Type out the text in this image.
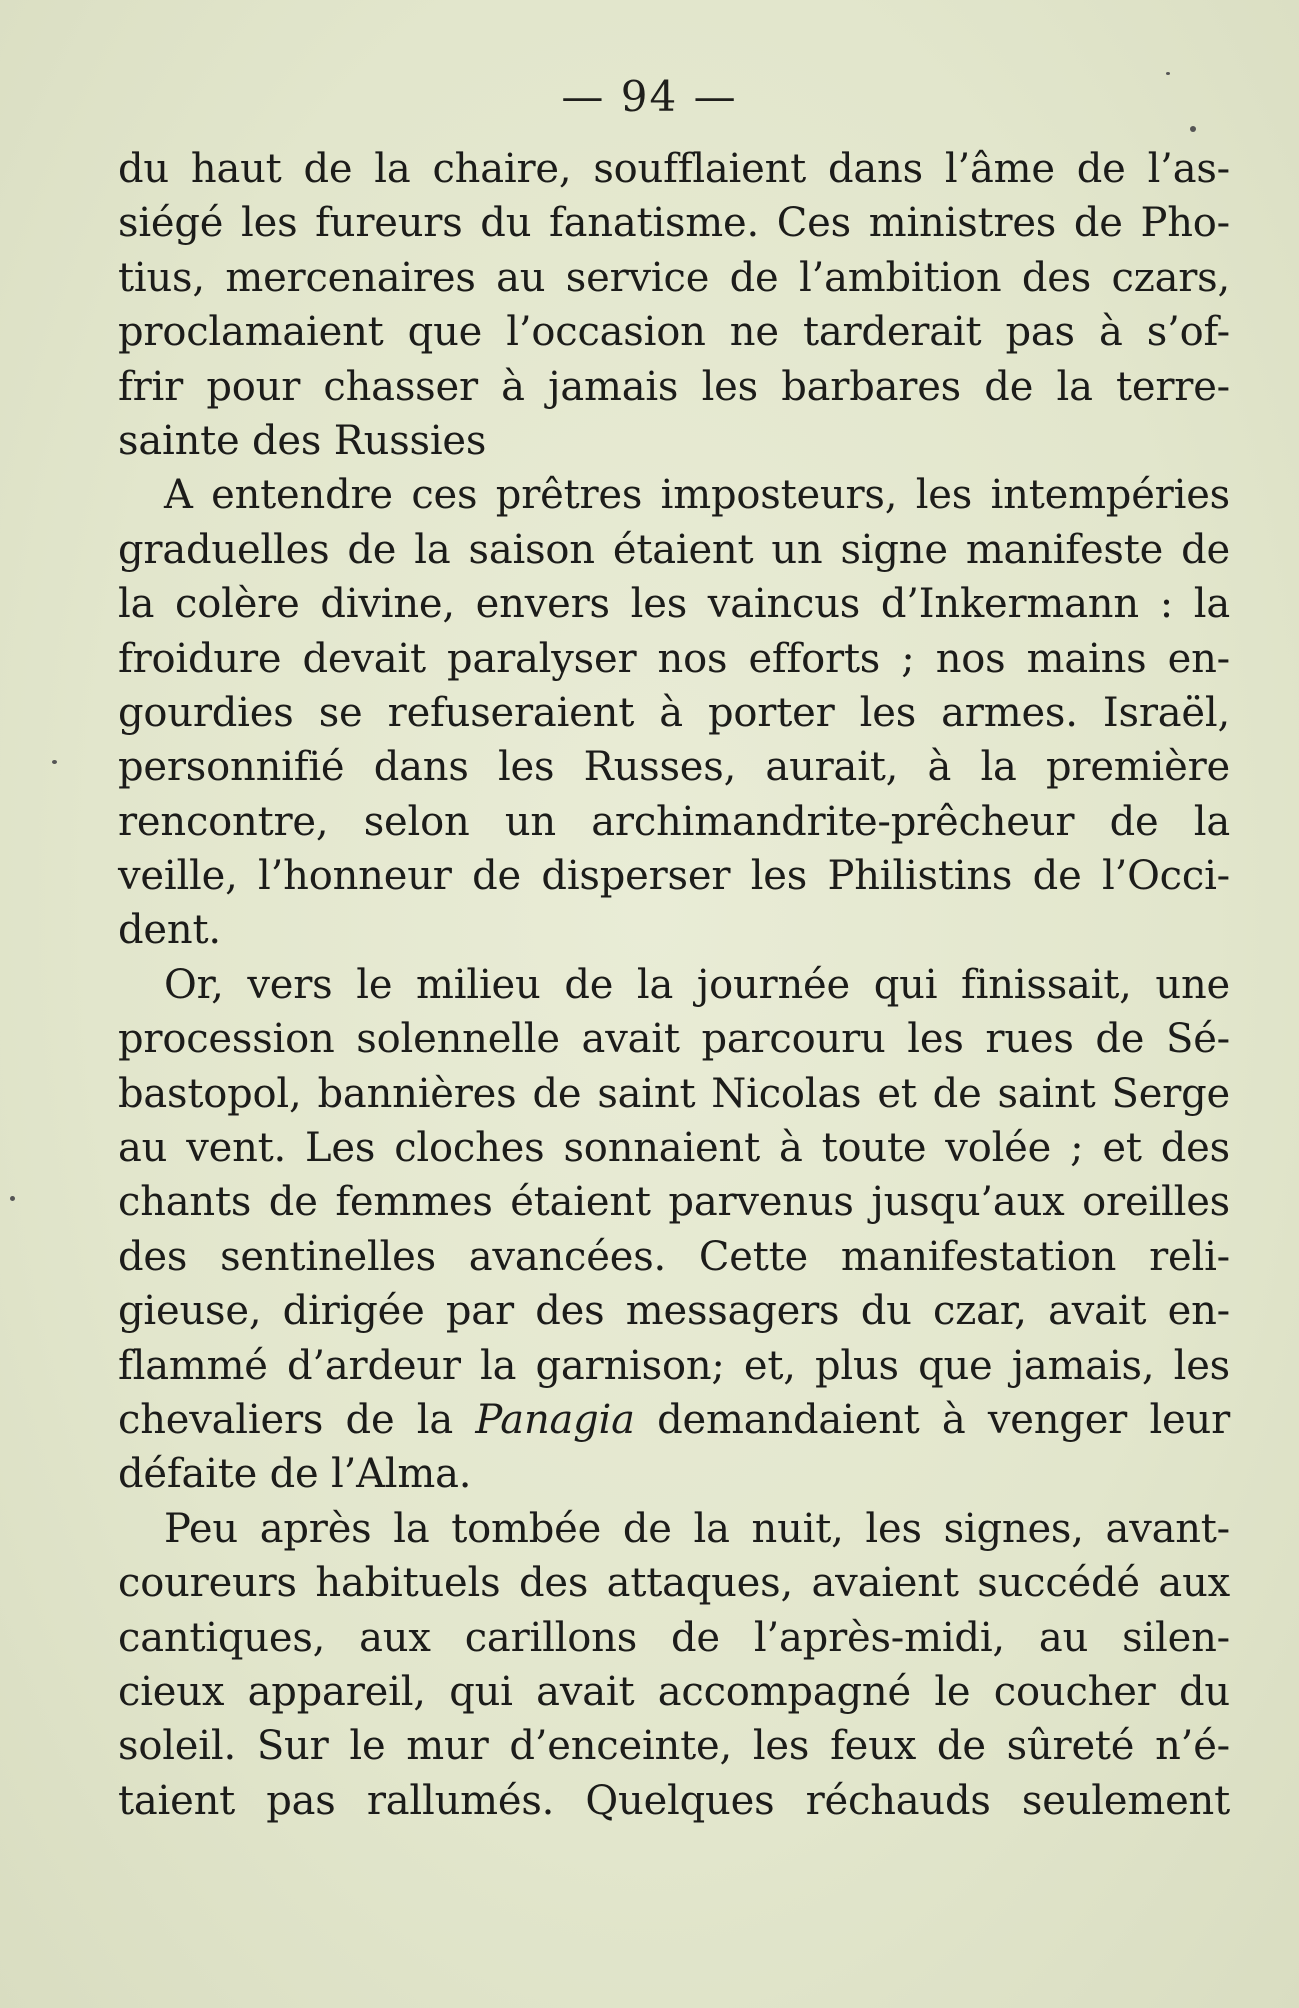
— 94 —
du haut de la chaire, soufflaient dans l’âme de l’as-
siégé les fureurs du fanatisme. Ces ministres de Pho-
tius, mercenaires au service de l’ambition des czars,
proclamaient que l’occasion ne tarderait pas à s’of-
frir pour chasser à jamais les barbares de la terre-
sainte des Russies
A entendre ces prêtres imposteurs, les intempéries
graduelles de la saison étaient un signe manifeste de
la colère divine, envers les vaincus d’Inkermann : la
froidure devait paralyser nos efforts ; nos mains en-
gourdies se refuseraient à porter les armes. Israël,
personnifié dans les Russes, aurait, à la première
rencontre, selon un archimandrite-prêcheur de la
veille, l’honneur de disperser les Philistins de l’Occi-
dent.
Or, vers le milieu de la journée qui finissait, une
procession solennelle avait parcouru les rues de Sé-
bastopol, bannières de saint Nicolas et de saint Serge
au vent. Les cloches sonnaient à toute volée ; et des
chants de femmes étaient parvenus jusqu’aux oreilles
des sentinelles avancées. Cette manifestation reli-
gieuse, dirigée par des messagers du czar, avait en-
flammé d’ardeur la garnison; et, plus que jamais, les
chevaliers de la Panagia demandaient à venger leur
défaite de l’Alma.
Peu après la tombée de la nuit, les signes, avant-
coureurs habituels des attaques, avaient succédé aux
cantiques, aux carillons de l’après-midi, au silen-
cieux appareil, qui avait accompagné le coucher du
soleil. Sur le mur d’enceinte, les feux de sûreté n’é-
taient pas rallumés. Quelques réchauds seulement
